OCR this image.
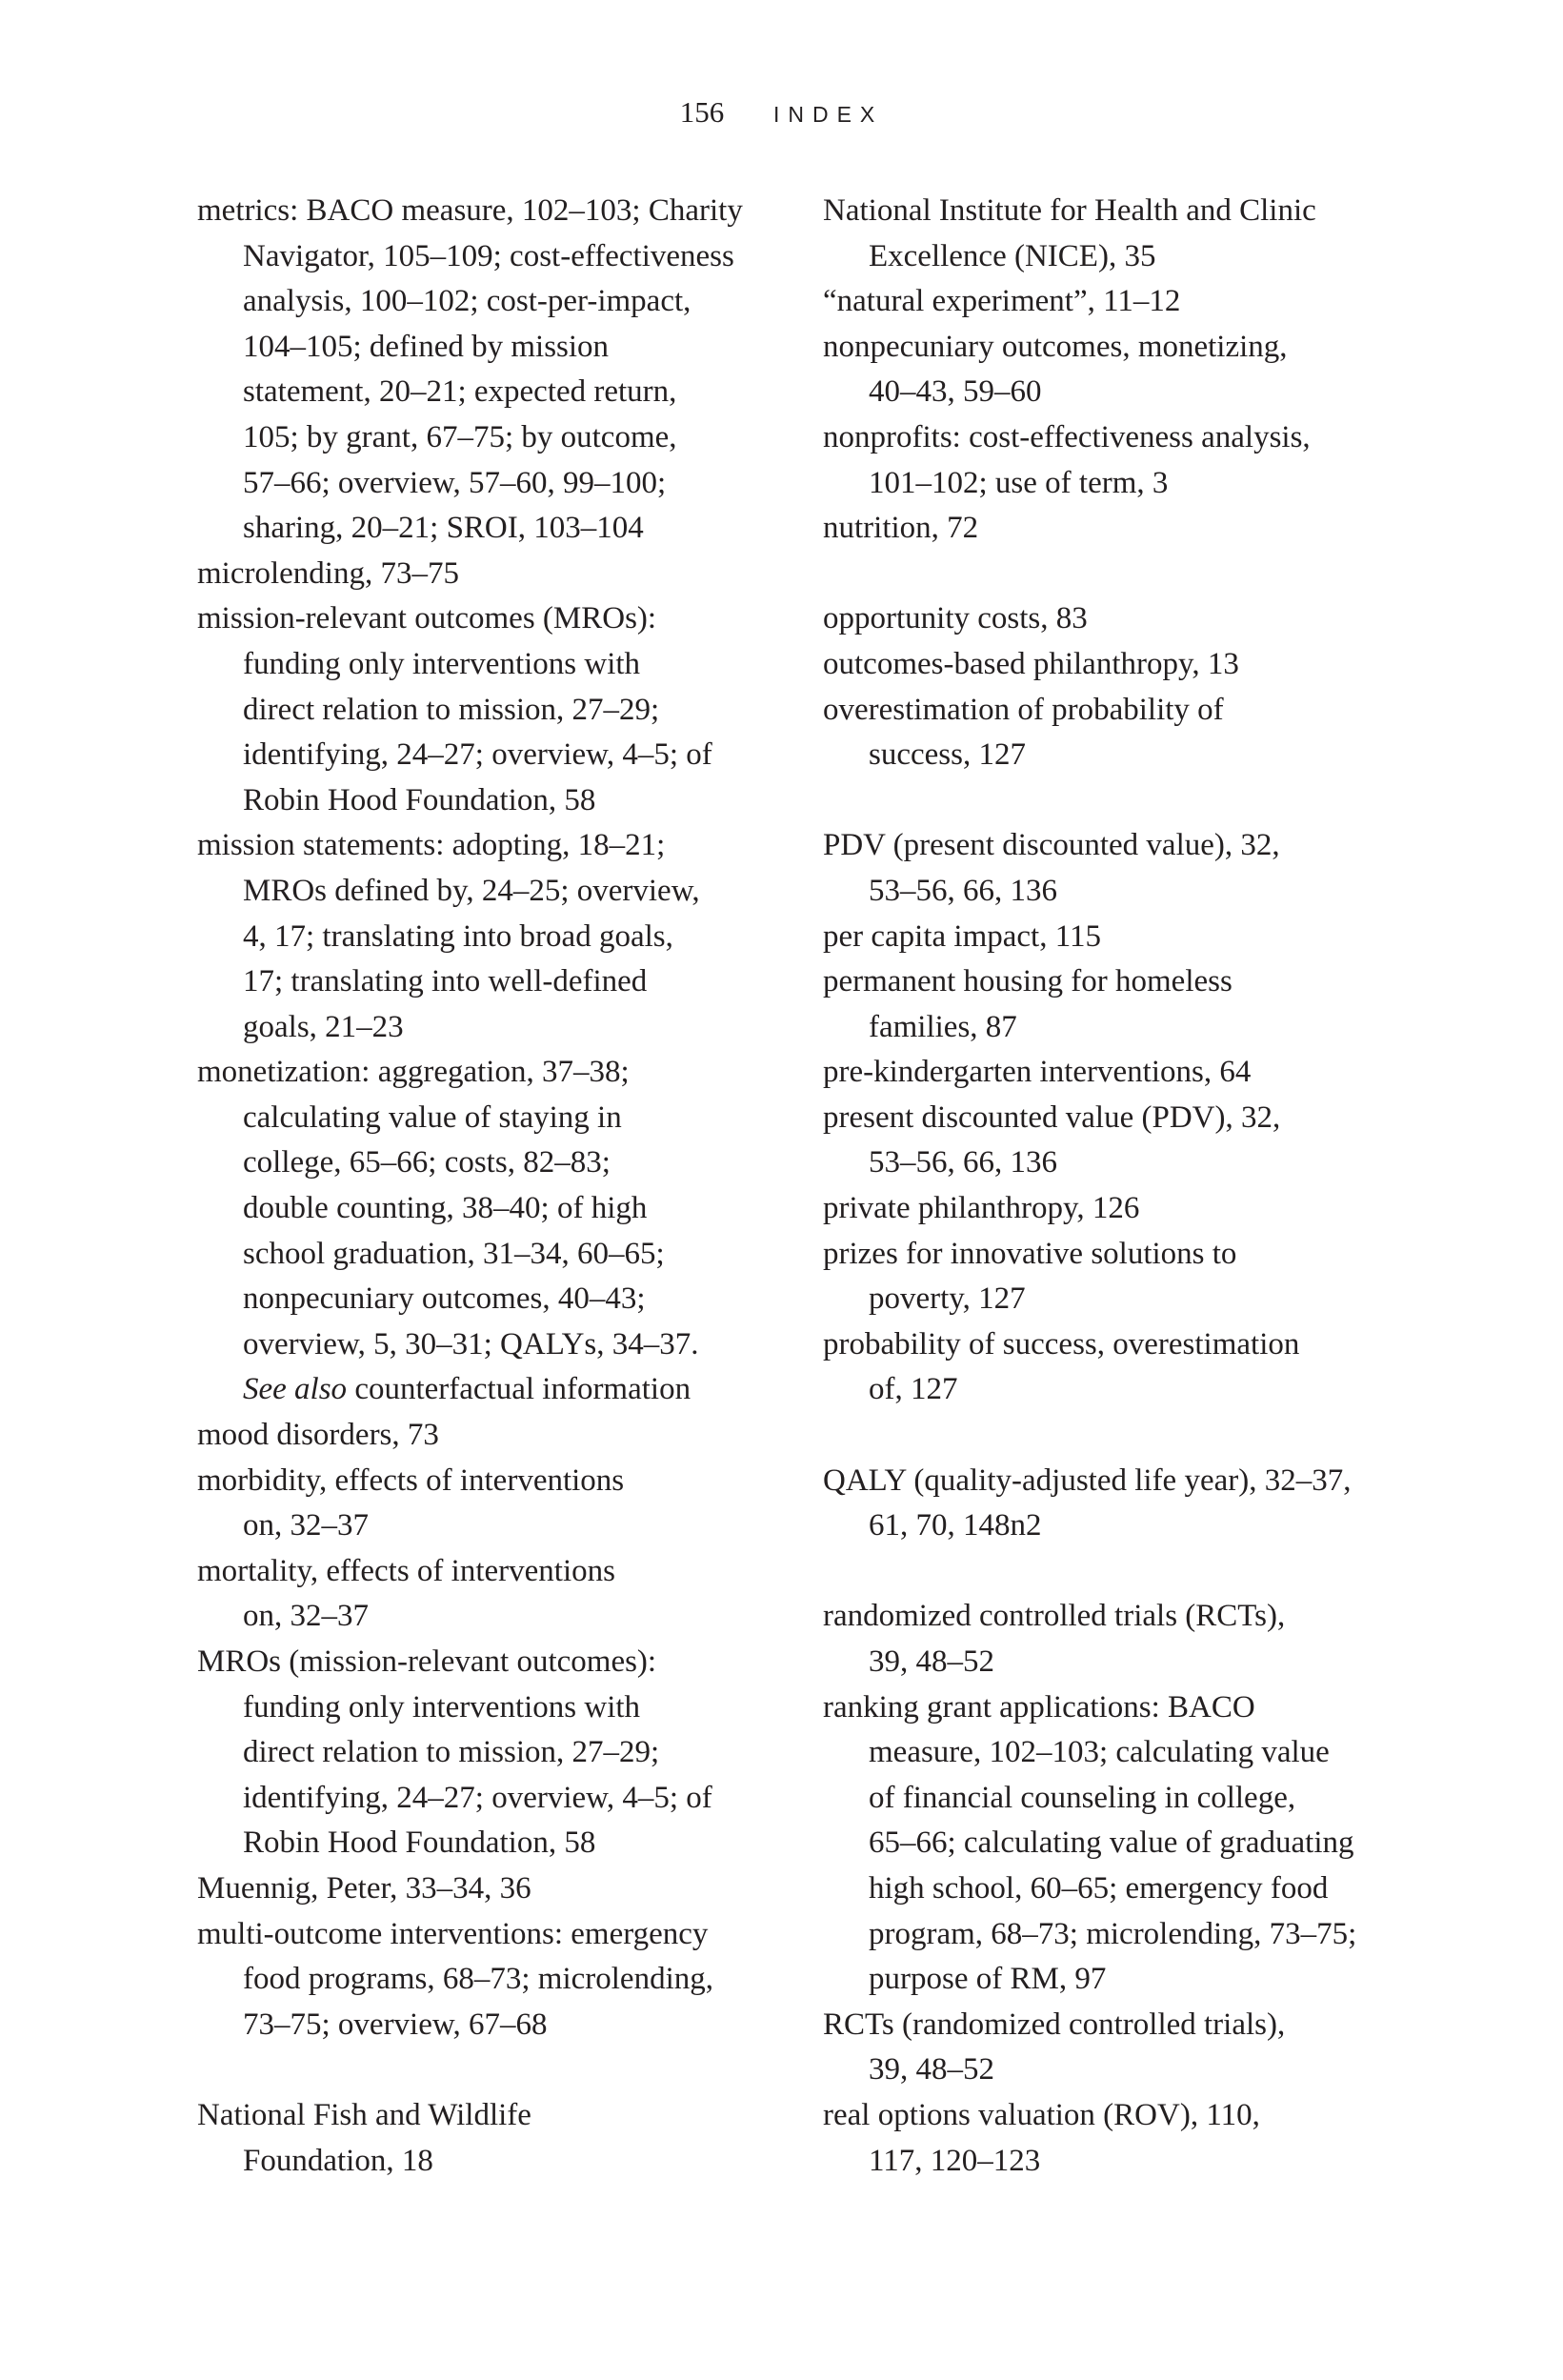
156 INDEX
metrics: BACO measure, 102–103; Charity
Navigator, 105–109; cost-effectiveness
analysis, 100–102; cost-per-impact,
104–105; defined by mission
statement, 20–21; expected return,
105; by grant, 67–75; by outcome,
57–66; overview, 57–60, 99–100;
sharing, 20–21; SROI, 103–104
microlending, 73–75
mission-relevant outcomes (MROs):
funding only interventions with
direct relation to mission, 27–29;
identifying, 24–27; overview, 4–5; of
Robin Hood Foundation, 58
mission statements: adopting, 18–21;
MROs defined by, 24–25; overview,
4, 17; translating into broad goals,
17; translating into well-defined
goals, 21–23
monetization: aggregation, 37–38;
calculating value of staying in
college, 65–66; costs, 82–83;
double counting, 38–40; of high
school graduation, 31–34, 60–65;
nonpecuniary outcomes, 40–43;
overview, 5, 30–31; QALYs, 34–37.
See also counterfactual information
mood disorders, 73
morbidity, effects of interventions
on, 32–37
mortality, effects of interventions
on, 32–37
MROs (mission-relevant outcomes):
funding only interventions with
direct relation to mission, 27–29;
identifying, 24–27; overview, 4–5; of
Robin Hood Foundation, 58
Muennig, Peter, 33–34, 36
multi-outcome interventions: emergency
food programs, 68–73; microlending,
73–75; overview, 67–68
National Fish and Wildlife
Foundation, 18
National Institute for Health and Clinic
Excellence (NICE), 35
“natural experiment”, 11–12
nonpecuniary outcomes, monetizing,
40–43, 59–60
nonprofits: cost-effectiveness analysis,
101–102; use of term, 3
nutrition, 72
opportunity costs, 83
outcomes-based philanthropy, 13
overestimation of probability of
success, 127
PDV (present discounted value), 32,
53–56, 66, 136
per capita impact, 115
permanent housing for homeless
families, 87
pre-kindergarten interventions, 64
present discounted value (PDV), 32,
53–56, 66, 136
private philanthropy, 126
prizes for innovative solutions to
poverty, 127
probability of success, overestimation
of, 127
QALY (quality-adjusted life year), 32–37,
61, 70, 148n2
randomized controlled trials (RCTs),
39, 48–52
ranking grant applications: BACO
measure, 102–103; calculating value
of financial counseling in college,
65–66; calculating value of graduating
high school, 60–65; emergency food
program, 68–73; microlending, 73–75;
purpose of RM, 97
RCTs (randomized controlled trials),
39, 48–52
real options valuation (ROV), 110,
117, 120–123
